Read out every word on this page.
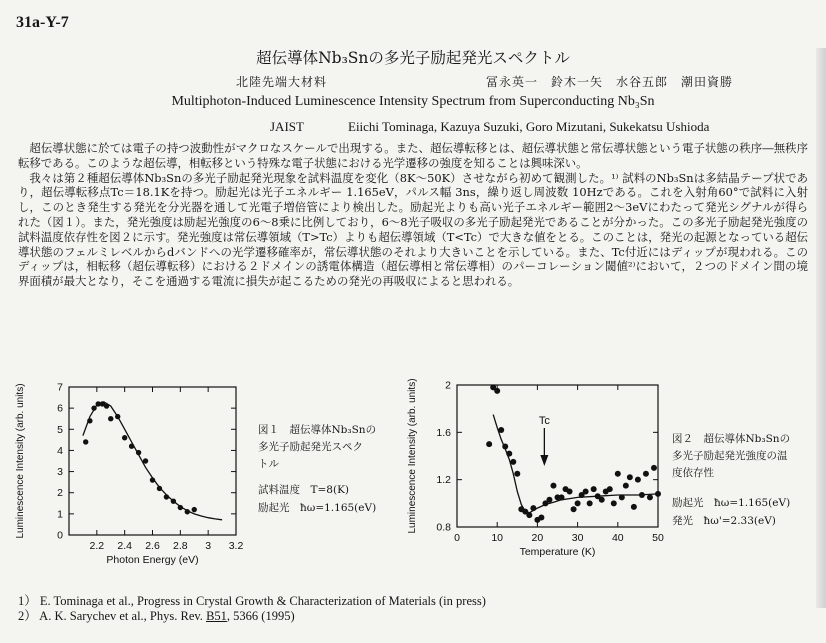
31a-Y-7
超伝導体Nb₃Snの多光子励起発光スペクトル
北陸先端大材料	冨永英一　鈴木一矢　水谷五郎　潮田資勝
Multiphoton-Induced Luminescence Intensity Spectrum from Superconducting Nb₃Sn
JAIST	Eiichi Tominaga, Kazuya Suzuki, Goro Mizutani, Sukekatsu Ushioda

超伝導状態に於ては電子の持つ波動性がマクロなスケールで出現する。また、超伝導転移とは、超伝導状態と常伝導状態という電子状態の秩序―無秩序転移である。このような超伝導，相転移という特殊な電子状態における光学遷移の強度を知ることは興味深い。

我々は第２種超伝導体Nb₃Snの多光子励起発光現象を試料温度を変化（8K～50K）させながら初めて観測した。¹⁾ 試料のNb₃Snは多結晶テープ状であり，超伝導転移点Tc＝18.1Kを持つ。励起光は光子エネルギー 1.165eV，パルス幅 3ns，繰り返し周波数 10Hzである。これを入射角60°で試料に入射し，このとき発生する発光を分光器を通して光電子増倍管により検出した。励起光よりも高い光子エネルギー範囲2～3eVにわたって発光シグナルが得られた（図１）。また，発光強度は励起光強度の6～8乗に比例しており，6～8光子吸収の多光子励起発光であることが分かった。この多光子励起発光強度の試料温度依存性を図２に示す。発光強度は常伝導領域（T>Tc）よりも超伝導領域（T<Tc）で大きな値をとる。このことは，発光の起源となっている超伝導状態のフェルミレベルからdバンドへの光学遷移確率が，常伝導状態のそれより大きいことを示している。また、Tc付近にはディップが現われる。このディップは，相転移（超伝導転移）における２ドメインの誘電体構造（超伝導相と常伝導相）のパーコレーション閾値²⁾において，２つのドメイン間の境界面積が最大となり，そこを通過する電流に損失が起こるための発光の再吸収によると思われる。

2.2 2.4 2.6 2.8 3 3.2
0
1
2
3
4
5
6
7
Photon Energy (eV)
Luminescence Intensity (arb. units)	図１　超伝導体Nb₃Snの
多光子励起発光スペク
トル
試料温度　T=8(K)
励起光　ħω=1.165(eV)
0	10	20	30	40	50
0.8
1.2
1.6
2
Temperature (K)
Luminescence Intensity (arb. units)	Tc
図２　超伝導体Nb₃Snの
多光子励起発光強度の温
度依存性
励起光　ħω=1.165(eV)
発光　ħω'=2.33(eV)
1） E. Tominaga et al., Progress in Crystal Growth & Characterization of Materials (in press)
2） A. K. Sarychev et al., Phys. Rev. B51, 5366 (1995)
